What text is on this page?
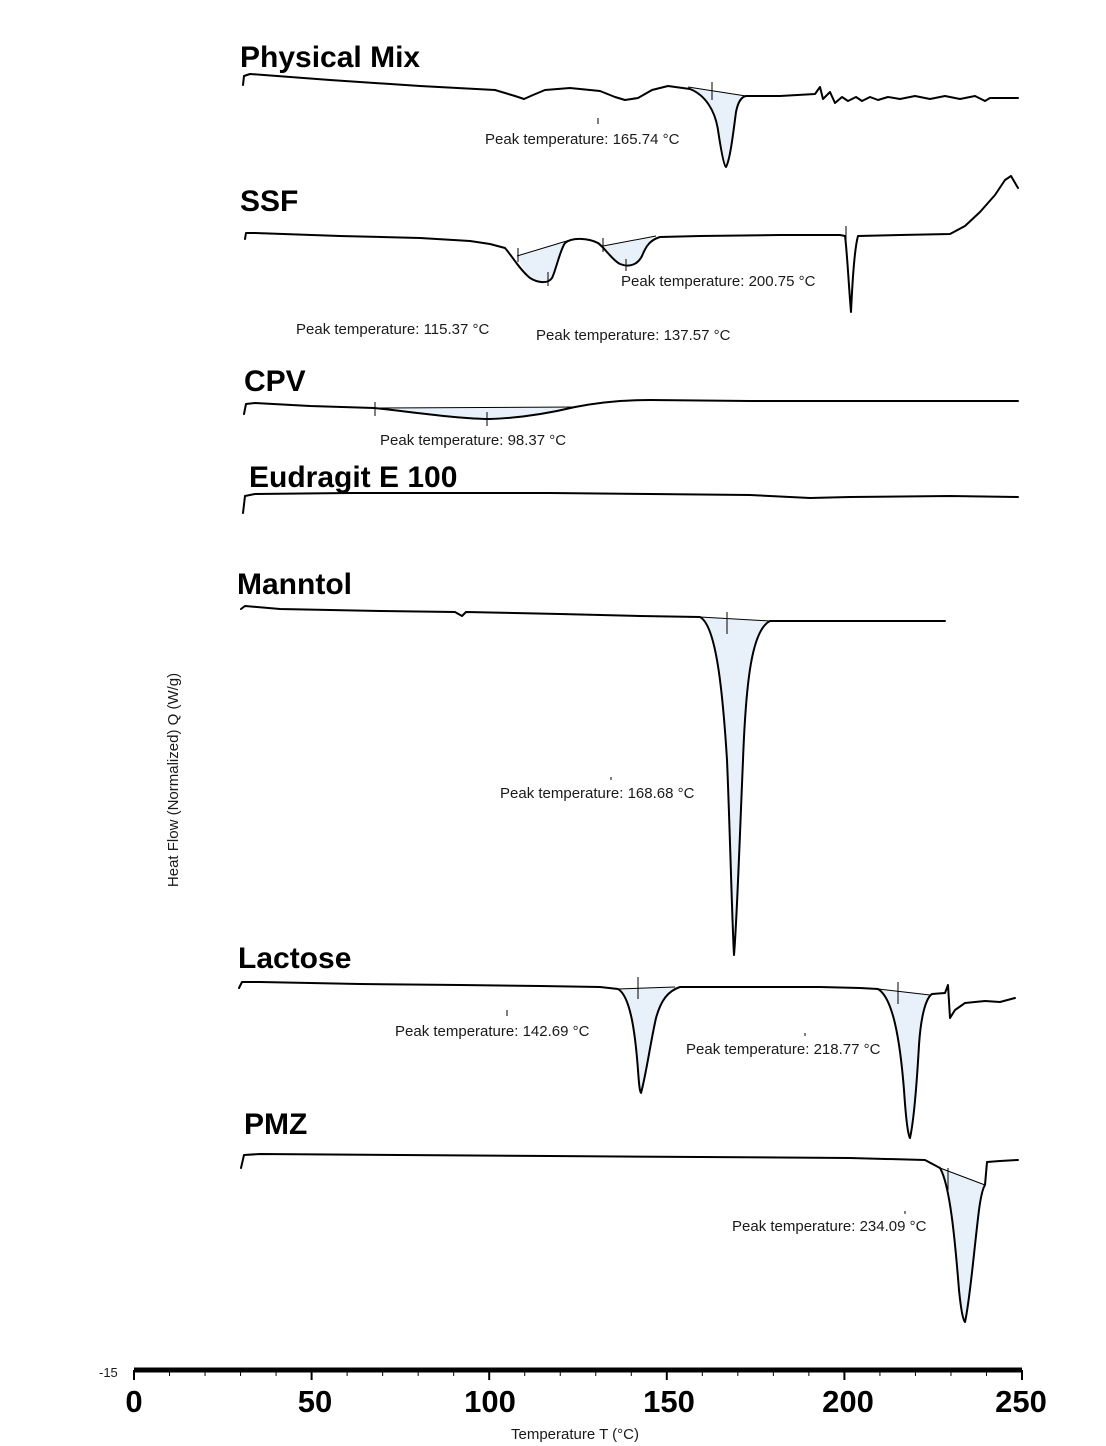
Heat Flow (Normalized) Q (W/g)
Physical Mix
Peak temperature: 165.74 °C
SSF
Peak temperature: 115.37 °C	Peak temperature: 137.57 °C
Peak temperature: 200.75 °C
CPV
Peak temperature: 98.37 °C
Eudragit E 100
Manntol
Peak temperature: 168.68 °C
Lactose
Peak temperature: 142.69 °C
Peak temperature: 218.77 °C
PMZ
Peak temperature: 234.09 °C
-15
0	50	100	150	200	250
Temperature T (°C)
